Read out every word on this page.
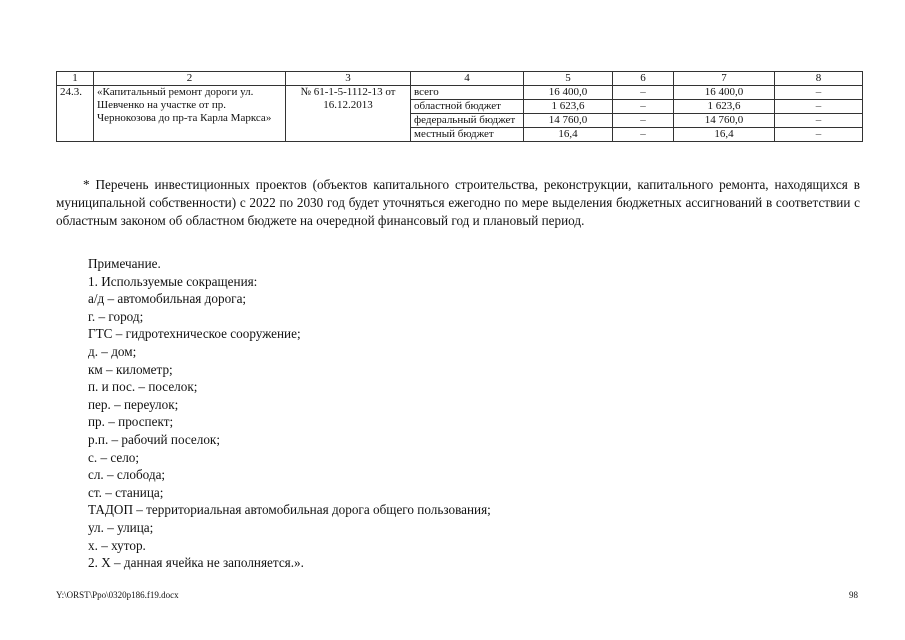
1	2	3	4	5	6	7	8
24.3.	«Капитальный ремонт дороги ул. Шевченко на участке от пр. Чернокозова до пр-та Карла Маркса»	№ 61-1-5-1112-13 от 16.12.2013	всего	16 400,0	–	16 400,0	–
			областной бюджет	1 623,6	–	1 623,6	–
			федеральный бюджет	14 760,0	–	14 760,0	–
			местный бюджет	16,4	–	16,4	–
* Перечень инвестиционных проектов (объектов капитального строительства, реконструкции, капитального ремонта, находящихся в муниципальной собственности) с 2022 по 2030 год будет уточняться ежегодно по мере выделения бюджетных ассигнований в соответствии с областным законом об областном бюджете на очередной финансовый год и плановый период.
Примечание.
1. Используемые сокращения:
а/д – автомобильная дорога;
г. – город;
ГТС – гидротехническое сооружение;
д. – дом;
км – километр;
п. и пос. – поселок;
пер. – переулок;
пр. – проспект;
р.п. – рабочий поселок;
с. – село;
сл. – слобода;
ст. – станица;
ТАДОП – территориальная автомобильная дорога общего пользования;
ул. – улица;
х. – хутор.
2. Х – данная ячейка не заполняется.».
Y:\ORST\Ppo\0320p186.f19.docx	98
